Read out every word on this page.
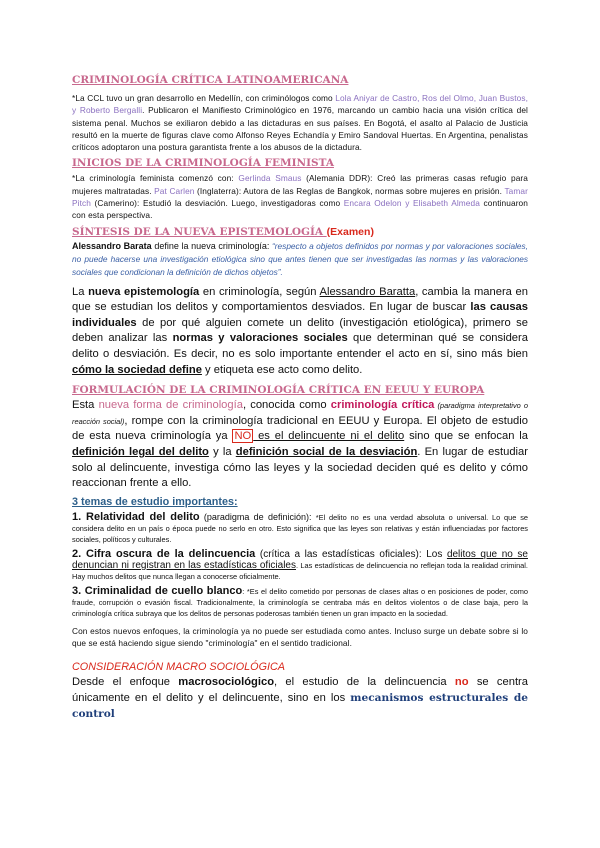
CRIMINOLOGÍA CRÍTICA LATINOAMERICANA

*La CCL tuvo un gran desarrollo en Medellín, con criminólogos como Lola Aniyar de Castro, Ros del Olmo, Juan Bustos, y Roberto Bergalli. Publicaron el Manifiesto Criminológico en 1976, marcando un cambio hacia una visión crítica del sistema penal. Muchos se exiliaron debido a las dictaduras en sus países. En Bogotá, el asalto al Palacio de Justicia resultó en la muerte de figuras clave como Alfonso Reyes Echandía y Emiro Sandoval Huertas. En Argentina, penalistas críticos adoptaron una postura garantista frente a los abusos de la dictadura.

INICIOS DE LA CRIMINOLOGÍA FEMINISTA

*La criminología feminista comenzó con: Gerlinda Smaus (Alemania DDR): Creó las primeras casas refugio para mujeres maltratadas. Pat Carlen (Inglaterra): Autora de las Reglas de Bangkok, normas sobre mujeres en prisión. Tamar Pitch (Camerino): Estudió la desviación. Luego, investigadoras como Encara Odelon y Elisabeth Almeda continuaron con esta perspectiva.

SÍNTESIS DE LA NUEVA EPISTEMOLOGÍA (Examen)

Alessandro Barata define la nueva criminología: “respecto a objetos definidos por normas y por valoraciones sociales, no puede hacerse una investigación etiológica sino que antes tienen que ser investigadas las normas y las valoraciones sociales que condicionan la definición de dichos objetos”.

La nueva epistemología en criminología, según Alessandro Baratta, cambia la manera en que se estudian los delitos y comportamientos desviados. En lugar de buscar las causas individuales de por qué alguien comete un delito (investigación etiológica), primero se deben analizar las normas y valoraciones sociales que determinan qué se considera delito o desviación. Es decir, no es solo importante entender el acto en sí, sino más bien cómo la sociedad define y etiqueta ese acto como delito.

FORMULACIÓN DE LA CRIMINOLOGÍA CRÍTICA EN EEUU Y EUROPA

Esta nueva forma de criminología, conocida como criminología crítica (paradigma interpretativo o reacción social), rompe con la criminología tradicional en EEUU y Europa. El objeto de estudio de esta nueva criminología ya NO es el delincuente ni el delito sino que se enfocan la definición legal del delito y la definición social de la desviación. En lugar de estudiar solo al delincuente, investiga cómo las leyes y la sociedad deciden qué es delito y cómo reaccionan frente a ello.

3 temas de estudio importantes:

1. Relatividad del delito (paradigma de definición): *El delito no es una verdad absoluta o universal. Lo que se considera delito en un país o época puede no serlo en otro. Esto significa que las leyes son relativas y están influenciadas por factores sociales, políticos y culturales.

2. Cifra oscura de la delincuencia (crítica a las estadísticas oficiales): Los delitos que no se denuncian ni registran en las estadísticas oficiales. Las estadísticas de delincuencia no reflejan toda la realidad criminal. Hay muchos delitos que nunca llegan a conocerse oficialmente.

3. Criminalidad de cuello blanco: *Es el delito cometido por personas de clases altas o en posiciones de poder, como fraude, corrupción o evasión fiscal. Tradicionalmente, la criminología se centraba más en delitos violentos o de clase baja, pero la criminología crítica subraya que los delitos de personas poderosas también tienen un gran impacto en la sociedad.

Con estos nuevos enfoques, la criminología ya no puede ser estudiada como antes. Incluso surge un debate sobre si lo que se está haciendo sigue siendo "criminología" en el sentido tradicional.

CONSIDERACIÓN MACRO SOCIOLÓGICA

Desde el enfoque macrosociológico, el estudio de la delincuencia no se centra únicamente en el delito y el delincuente, sino en los mecanismos estructurales de control
